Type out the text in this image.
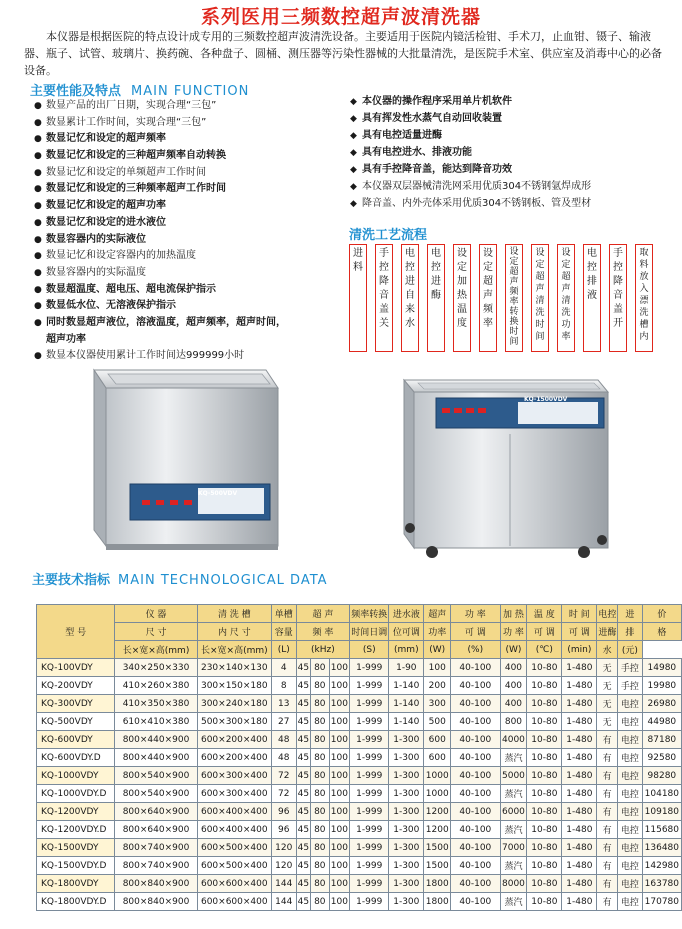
系列医用三频数控超声波清洗器
本仪器是根据医院的特点设计成专用的三频数控超声波清洗设备。主要适用于医院内镜活检钳、手术刀，止血钳、镊子、输液器、瓶子、试管、玻璃片、换药碗、各种盘子、圆桶、测压器等污染性器械的大批量清洗，是医院手术室、供应室及消毒中心的必备设备。
主要性能及特点 MAIN FUNCTION
● 数显产品的出厂日期，实现合理“三包”
● 数显累计工作时间，实现合理“三包”
● 数显记忆和设定的超声频率
● 数显记忆和设定的三种超声频率自动转换
● 数显记忆和设定的单频超声工作时间
● 数显记忆和设定的三种频率超声工作时间
● 数显记忆和设定的超声功率
● 数显记忆和设定的进水液位
● 数显容器内的实际液位
● 数显记忆和设定容器内的加热温度
● 数显容器内的实际温度
● 数显超温度、超电压、超电流保护指示
● 数显低水位、无溶液保护指示
● 同时数显超声液位，溶液温度，超声频率，超声时间，超声功率
● 数显本仪器使用累计工作时间达999999小时
◆ 本仪器的操作程序采用单片机软件
◆ 具有挥发性水蒸气自动回收装置
◆ 具有电控适量进酶
◆ 具有电控进水、排液功能
◆ 具有手控降音盖，能达到降音功效
◆ 本仪器双层器械清洗网采用优质304不锈钢氩焊成形
◆ 降音盖、内外壳体采用优质304不锈钢板、管及型材
清洗工艺流程
进料
手控降音盖关
电控进自来水
电控进酶
设定加热温度
设定超声频率
设定超声频率转换时间
设定超声清洗时间
设定超声清洗功率
电控排液
手控降音盖开
取料放入漂洗槽内
KQ-500VDV
KQ-1500VDV
主要技术指标 MAIN TECHNOLOGICAL DATA
型 号	仪 器	清 洗 槽	单槽	超 声			频率转换	进水液	超声	功 率	加 热	温 度	时 间	电控	进	价
	尺 寸	内 尺 寸	容量	频 率			时间日调	位可调	功率	可 调	功 率	可 调	可 调	进酶	排	格
	长×宽×高(mm)	长×宽×高(mm)	(L)	(kHz)			(S)	(mm)	(W)	(%)	(W)	(℃)	(min)	水	(元)	
KQ-100VDY	340×250×330	230×140×130	4	45	80	100	1-999	1-90	100	40-100	400	10-80	1-480	无	手控	14980
KQ-200VDY	410×260×380	300×150×180	8	45	80	100	1-999	1-140	200	40-100	400	10-80	1-480	无	手控	19980
KQ-300VDY	410×350×380	300×240×180	13	45	80	100	1-999	1-140	300	40-100	400	10-80	1-480	无	电控	26980
KQ-500VDY	610×410×380	500×300×180	27	45	80	100	1-999	1-140	500	40-100	800	10-80	1-480	无	电控	44980
KQ-600VDY	800×440×900	600×200×400	48	45	80	100	1-999	1-300	600	40-100	4000	10-80	1-480	有	电控	87180
KQ-600VDY.D	800×440×900	600×200×400	48	45	80	100	1-999	1-300	600	40-100	蒸汽	10-80	1-480	有	电控	92580
KQ-1000VDY	800×540×900	600×300×400	72	45	80	100	1-999	1-300	1000	40-100	5000	10-80	1-480	有	电控	98280
KQ-1000VDY.D	800×540×900	600×300×400	72	45	80	100	1-999	1-300	1000	40-100	蒸汽	10-80	1-480	有	电控	104180
KQ-1200VDY	800×640×900	600×400×400	96	45	80	100	1-999	1-300	1200	40-100	6000	10-80	1-480	有	电控	109180
KQ-1200VDY.D	800×640×900	600×400×400	96	45	80	100	1-999	1-300	1200	40-100	蒸汽	10-80	1-480	有	电控	115680
KQ-1500VDY	800×740×900	600×500×400	120	45	80	100	1-999	1-300	1500	40-100	7000	10-80	1-480	有	电控	136480
KQ-1500VDY.D	800×740×900	600×500×400	120	45	80	100	1-999	1-300	1500	40-100	蒸汽	10-80	1-480	有	电控	142980
KQ-1800VDY	800×840×900	600×600×400	144	45	80	100	1-999	1-300	1800	40-100	8000	10-80	1-480	有	电控	163780
KQ-1800VDY.D	800×840×900	600×600×400	144	45	80	100	1-999	1-300	1800	40-100	蒸汽	10-80	1-480	有	电控	170780
